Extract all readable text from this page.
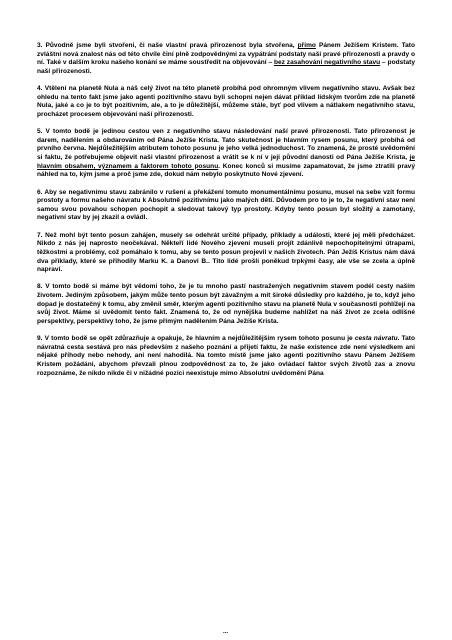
3. Původně jsme byli stvořeni, či naše vlastní pravá přirozenost byla stvořena, přímo Pánem Ježíšem Kristem. Tato zvláštní nová znalost nás od této chvíle činí plně zodpovědnými za vypátrání podstaty naší pravé přirozenosti a pravdy o ní. Také v dalším kroku našeho konání se máme soustředit na objevování – bez zasahování negativního stavu – podstaty naší přirozenosti.

4. Vtělení na planetě Nula a náš celý život na této planetě probíhá pod ohromným vlivem negativního stavu. Avšak bez ohledu na tento fakt jsme jako agenti pozitivního stavu byli schopni nejen dávat příklad lidským tvorům zde na planetě Nula, jaké a co je to být pozitivním, ale, a to je důležitější, můžeme stále, byť pod vlivem a nátlakem negativního stavu, procházet procesem objevování naší přirozenosti.

5. V tomto bodě je jedinou cestou ven z negativního stavu následování naší pravé přirozenosti. Tato přirozenost je darem, nadělením a obdarováním od Pána Ježíše Krista. Tato skutečnost je hlavním rysem posunu, který probíhá od prvního června. Nejdůležitějším atributem tohoto posunu je jeho velká jednoduchost. To znamená, že prosté uvědomění si faktu, že potřebujeme objevit naši vlastní přirozenost a vrátit se k ní v její původní danosti od Pána Ježíše Krista, je hlavním obsahem, významem a faktorem tohoto posunu. Konec konců si musíme zapamatovat, že jsme ztratili pravý náhled na to, kým jsme a proč jsme zde, dokud nám nebylo poskytnuto Nové zjevení.

6. Aby se negativnímu stavu zabránilo v rušení a překážení tomuto monumentálnímu posunu, musel na sebe vzít formu prostoty a formu našeho návratu k Absolutně pozitivnímu jako malých dětí. Důvodem pro to je to, že negativní stav není samou svou povahou schopen pochopit a sledovat takový typ prostoty. Kdyby tento posun byl složitý a zamotaný, negativní stav by jej zkazil a ovládl.

7. Než mohl být tento posun zahájen, musely se odehrát určité případy, příklady a události, které jej měli předcházet. Nikdo z nás jej naprosto neočekával. Někteří lidé Nového zjevení museli projít zdánlivě nepochopitelnými útrapami, těžkostmi a problémy, což pomáhalo k tomu, aby se tento posun projevil v našich životech. Pán Ježíš Kristus nám dává dva příklady, které se přihodily Marku K. a Danovi B.. Tito lidé prošli poněkud trpkými časy, ale vše se zcela a úplně napraví.

8. V tomto bodě si máme být vědomi toho, že je tu mnoho pastí nastražených negativním stavem podél cesty naším životem. Jediným způsobem, jakým může tento posun být závažným a mít široké důsledky pro každého, je to, když jeho dopad je dostatečný k tomu, aby změnil směr, kterým agenti pozitivního stavu na planetě Nula v současnosti pohlížejí na svůj život. Máme si uvědomit tento fakt. Znamená to, že od nynějška budeme nahlížet na náš život ze zcela odlišné perspektivy, perspektivy toho, že jsme přímým nadělením Pána Ježíše Krista.

9. V tomto bodě se opět zdůrazňuje a opakuje, že hlavním a nejdůležitějším rysem tohoto posunu je cesta návratu. Tato návratná cesta sestává pro nás především z našeho poznání a přijetí faktu, že naše existence zde není výsledkem ani nějaké příhody nebo nehody, ani není nahodilá. Na tomto místě jsme jako agenti pozitivního stavu Pánem Ježíšem Kristem požádáni, abychom převzali plnou zodpovědnost za to, že jako ovládací faktor svých životů zas a znovu rozpoznáme, že nikdo nikde či v nižádné pozici neexistuje mimo Absolutní uvědomění Pána

...
